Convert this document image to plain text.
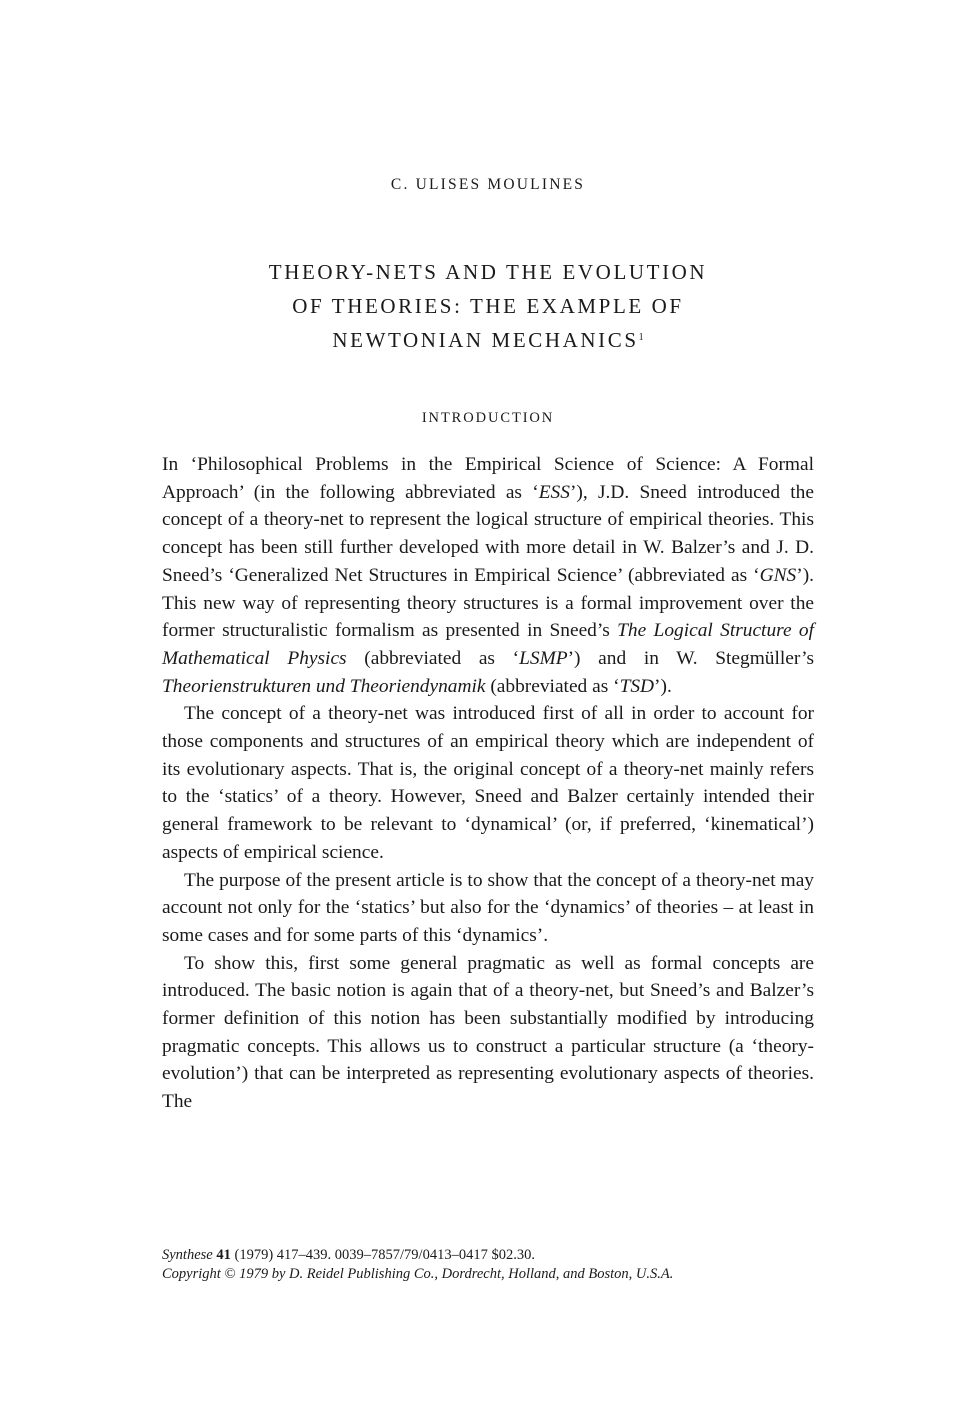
C. ULISES MOULINES
THEORY-NETS AND THE EVOLUTION
OF THEORIES: THE EXAMPLE OF
NEWTONIAN MECHANICS$^1$
INTRODUCTION

In ‘Philosophical Problems in the Empirical Science of Science: A Formal Approach’ (in the following abbreviated as ‘ESS’), J.D. Sneed introduced the concept of a theory-net to represent the logical structure of empirical theories. This concept has been still further developed with more detail in W. Balzer’s and J. D. Sneed’s ‘Generalized Net Structures in Empirical Science’ (abbreviated as ‘GNS’). This new way of representing theory structures is a formal improvement over the former structuralistic formalism as presented in Sneed’s The Logical Structure of Mathematical Physics (abbreviated as ‘LSMP’) and in W. Stegmüller’s Theorienstrukturen und Theoriendynamik (abbreviated as ‘TSD’).

The concept of a theory-net was introduced first of all in order to account for those components and structures of an empirical theory which are independent of its evolutionary aspects. That is, the original concept of a theory-net mainly refers to the ‘statics’ of a theory. However, Sneed and Balzer certainly intended their general framework to be relevant to ‘dynamical’ (or, if preferred, ‘kinematical’) aspects of empirical science.

The purpose of the present article is to show that the concept of a theory-net may account not only for the ‘statics’ but also for the ‘dynamics’ of theories – at least in some cases and for some parts of this ‘dynamics’.

To show this, first some general pragmatic as well as formal concepts are introduced. The basic notion is again that of a theory-net, but Sneed’s and Balzer’s former definition of this notion has been substantially modified by introducing pragmatic concepts. This allows us to construct a particular structure (a ‘theory-evolution’) that can be interpreted as representing evolutionary aspects of theories. The

Synthese 41 (1979) 417–439. 0039–7857/79/0413–0417 $02.30.
Copyright © 1979 by D. Reidel Publishing Co., Dordrecht, Holland, and Boston, U.S.A.
